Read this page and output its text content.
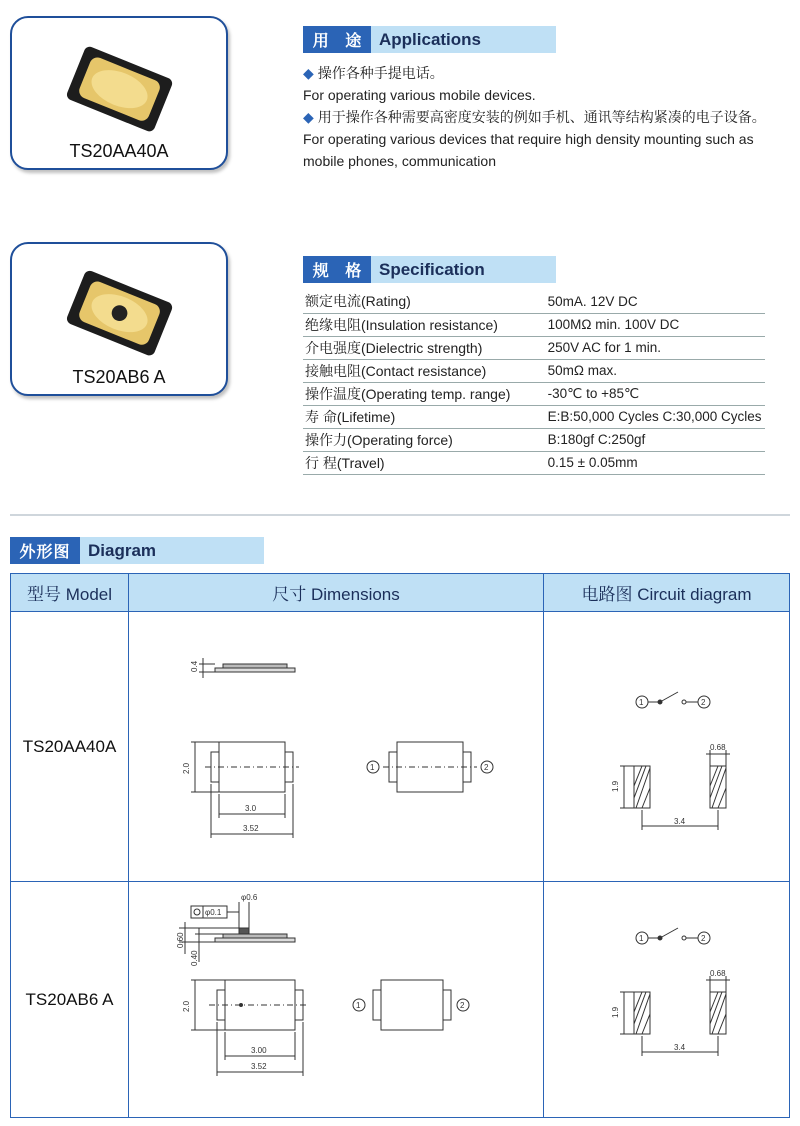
TS20AA40A
TS20AB6 A
用 途 Applications
◆ 操作各种手提电话。
For operating various mobile devices.
◆ 用于操作各种需要高密度安装的例如手机、通讯等结构紧凑的电子设备。
For operating various devices that require high density mounting such as
mobile phones, communication
规 格 Specification
额定电流(Rating)	50mA. 12V DC
绝缘电阻(Insulation resistance)	100MΩ min. 100V DC
介电强度(Dielectric strength)	250V AC for 1 min.
接触电阻(Contact resistance)	50mΩ max.
操作温度(Operating temp. range)	-30℃ to +85℃
寿 命(Lifetime)	E:B:50,000 Cycles C:30,000 Cycles
操作力(Operating force)	B:180gf C:250gf
行 程(Travel)	0.15 ± 0.05mm
外形图	Diagram
型号 Model	尺寸 Dimensions	电路图 Circuit diagram
TS20AA40A
0.4
2.0
3.0
3.52
1	2
1	2
1.9
0.68
3.4
TS20AB6 A
φ0.1
φ0.6
0.60
0.40
2.0
3.00
3.52
1	2
1	2
1.9
0.68
3.4
